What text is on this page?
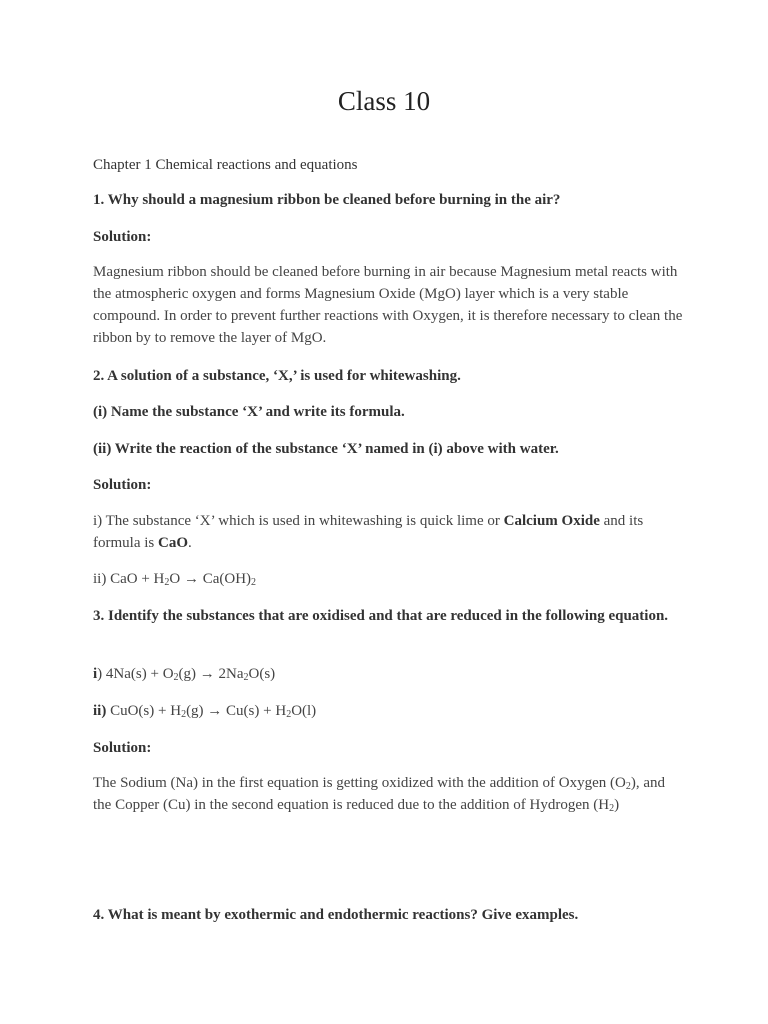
Class 10
Chapter 1 Chemical reactions and equations
1. Why should a magnesium ribbon be cleaned before burning in the air?
Solution:
Magnesium ribbon should be cleaned before burning in air because Magnesium metal reacts with the atmospheric oxygen and forms Magnesium Oxide (MgO) layer which is a very stable compound. In order to prevent further reactions with Oxygen, it is therefore necessary to clean the ribbon by to remove the layer of MgO.
2. A solution of a substance, ‘X,’ is used for whitewashing.
(i) Name the substance ‘X’ and write its formula.
(ii) Write the reaction of the substance ‘X’ named in (i) above with water.
Solution:
i) The substance ‘X’ which is used in whitewashing is quick lime or Calcium Oxide and its formula is CaO.
ii) CaO + $H_2O \to Ca(OH)_2$
3. Identify the substances that are oxidised and that are reduced in the following equation.
i) $4Na(s) + O_2(g) \to 2Na_2O(s)$
ii) $CuO(s) + H_2(g) \to Cu(s) + H_2O(l)$
Solution:
The Sodium (Na) in the first equation is getting oxidized with the addition of Oxygen $(O_2)$, and the Copper (Cu) in the second equation is reduced due to the addition of Hydrogen $(H_2)$
4. What is meant by exothermic and endothermic reactions? Give examples.
